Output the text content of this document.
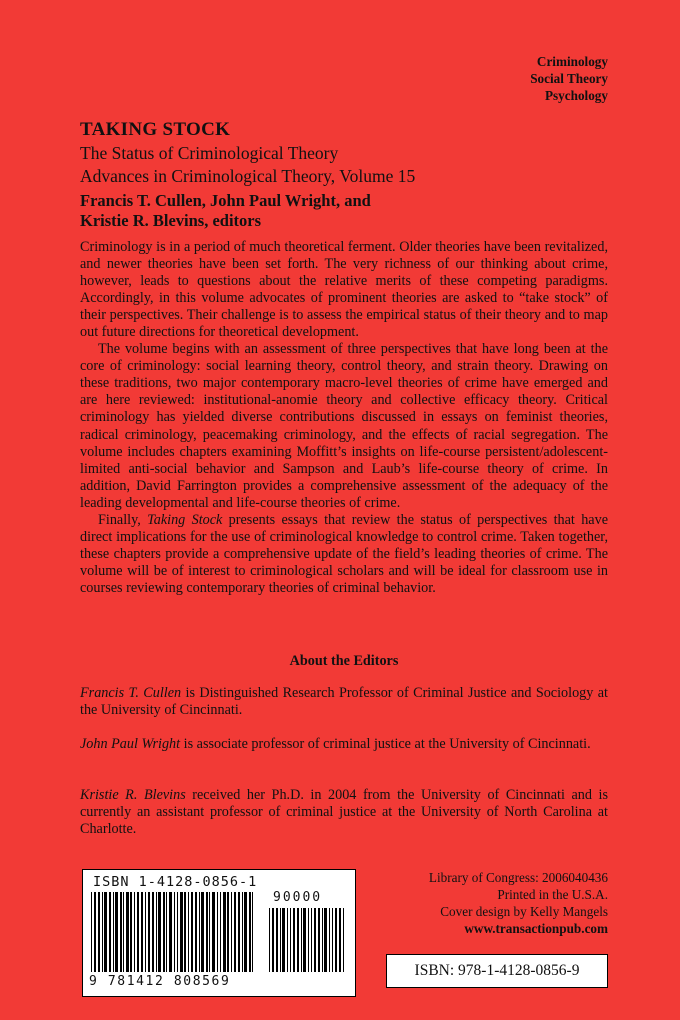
Criminology
Social Theory
Psychology
TAKING STOCK

The Status of Criminological Theory

Advances in Criminological Theory, Volume 15

Francis T. Cullen, John Paul Wright, and
Kristie R. Blevins, editors

Criminology is in a period of much theoretical ferment. Older theories have been revitalized, and newer theories have been set forth. The very richness of our thinking about crime, however, leads to questions about the relative merits of these competing paradigms. Accordingly, in this volume advocates of prominent theories are asked to “take stock” of their perspectives. Their challenge is to assess the empirical status of their theory and to map out future directions for theoretical development.

The volume begins with an assessment of three perspectives that have long been at the core of criminology: social learning theory, control theory, and strain theory. Drawing on these traditions, two major contemporary macro-level theories of crime have emerged and are here reviewed: institutional-anomie theory and collective efficacy theory. Critical criminology has yielded diverse contributions discussed in essays on feminist theories, radical criminology, peacemaking criminology, and the effects of racial segregation. The volume includes chapters examining Moffitt’s insights on life-course persistent/adolescent-limited anti-social behavior and Sampson and Laub’s life-course theory of crime. In addition, David Farrington provides a comprehensive assessment of the adequacy of the leading developmental and life-course theories of crime.

Finally, Taking Stock presents essays that review the status of perspectives that have direct implications for the use of criminological knowledge to control crime. Taken together, these chapters provide a comprehensive update of the field’s leading theories of crime. The volume will be of interest to criminological scholars and will be ideal for classroom use in courses reviewing contemporary theories of criminal behavior.

About the Editors

Francis T. Cullen is Distinguished Research Professor of Criminal Justice and Sociology at the University of Cincinnati.

John Paul Wright is associate professor of criminal justice at the University of Cincinnati.

Kristie R. Blevins received her Ph.D. in 2004 from the University of Cincinnati and is currently an assistant professor of criminal justice at the University of North Carolina at Charlotte.

ISBN 1-4128-0856-1
90000
9 781412 808569
Library of Congress: 2006040436
Printed in the U.S.A.
Cover design by Kelly Mangels
www.transactionpub.com
ISBN: 978-1-4128-0856-9
